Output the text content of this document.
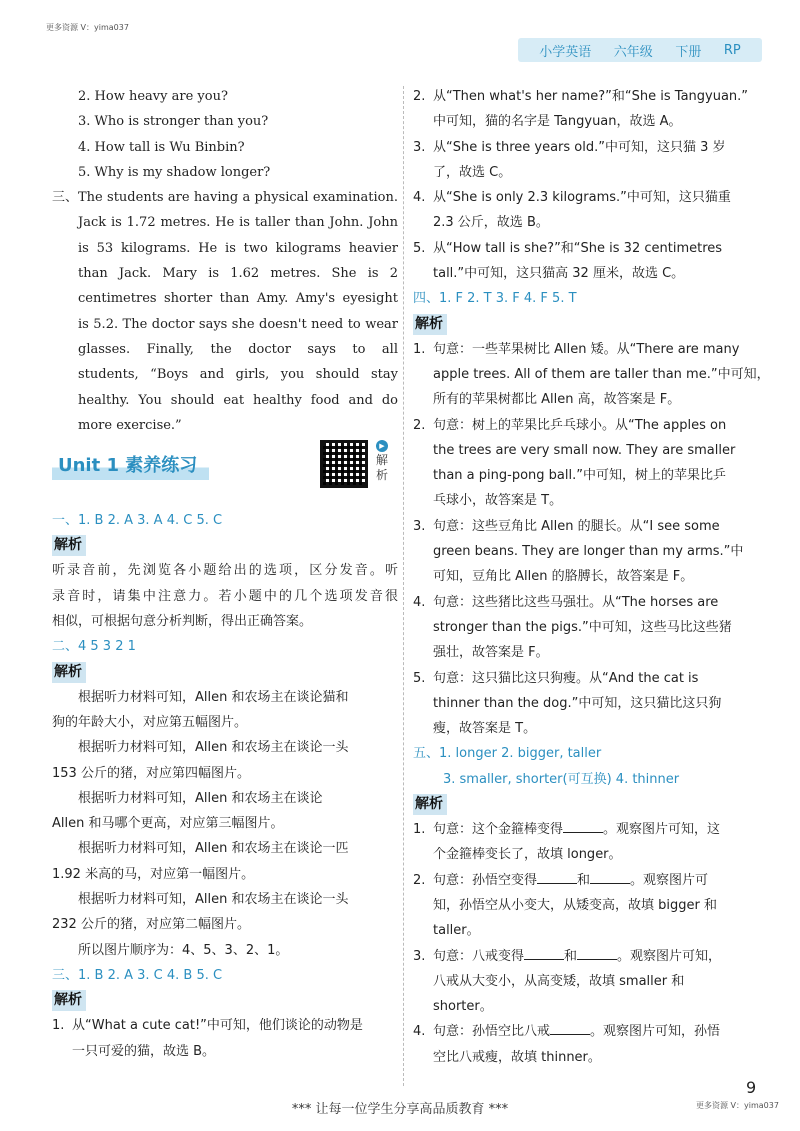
更多资源 V：yima037
小学英语 六年级 下册 RP
2. How heavy are you?
3. Who is stronger than you?
4. How tall is Wu Binbin?
5. Why is my shadow longer?
三、The students are having a physical examination.
Jack is 1.72 metres. He is taller than John. John
is 53 kilograms. He is two kilograms heavier
than Jack. Mary is 1.62 metres. She is 2
centimetres shorter than Amy. Amy's eyesight
is 5.2. The doctor says she doesn't need to wear
glasses. Finally, the doctor says to all
students, “Boys and girls, you should stay
healthy. You should eat healthy food and do
more exercise.”
Unit 1 素养练习
▶
解
析
一、1. B 2. A 3. A 4. C 5. C
解析
听录音前，先浏览各小题给出的选项，区分发音。听
录音时，请集中注意力。若小题中的几个选项发音很
相似，可根据句意分析判断，得出正确答案。
二、4 5 3 2 1
解析
根据听力材料可知，Allen 和农场主在谈论猫和
狗的年龄大小，对应第五幅图片。
根据听力材料可知，Allen 和农场主在谈论一头
153 公斤的猪，对应第四幅图片。
根据听力材料可知，Allen 和农场主在谈论
Allen 和马哪个更高，对应第三幅图片。
根据听力材料可知，Allen 和农场主在谈论一匹
1.92 米高的马，对应第一幅图片。
根据听力材料可知，Allen 和农场主在谈论一头
232 公斤的猪，对应第二幅图片。
所以图片顺序为：4、5、3、2、1。
三、1. B 2. A 3. C 4. B 5. C
解析
1. 从“What a cute cat!”中可知，他们谈论的动物是
一只可爱的猫，故选 B。
2. 从“Then what's her name?”和“She is Tangyuan.”
中可知，猫的名字是 Tangyuan，故选 A。
3. 从“She is three years old.”中可知，这只猫 3 岁
了，故选 C。
4. 从“She is only 2.3 kilograms.”中可知，这只猫重
2.3 公斤，故选 B。
5. 从“How tall is she?”和“She is 32 centimetres
tall.”中可知，这只猫高 32 厘米，故选 C。
四、1. F 2. T 3. F 4. F 5. T
解析
1. 句意：一些苹果树比 Allen 矮。从“There are many
apple trees. All of them are taller than me.”中可知，
所有的苹果树都比 Allen 高，故答案是 F。
2. 句意：树上的苹果比乒乓球小。从“The apples on
the trees are very small now. They are smaller
than a ping-pong ball.”中可知，树上的苹果比乒
乓球小，故答案是 T。
3. 句意：这些豆角比 Allen 的腿长。从“I see some
green beans. They are longer than my arms.”中
可知，豆角比 Allen 的胳膊长，故答案是 F。
4. 句意：这些猪比这些马强壮。从“The horses are
stronger than the pigs.”中可知，这些马比这些猪
强壮，故答案是 F。
5. 句意：这只猫比这只狗瘦。从“And the cat is
thinner than the dog.”中可知，这只猫比这只狗
瘦，故答案是 T。
五、1. longer 2. bigger, taller
3. smaller, shorter(可互换) 4. thinner
解析
1. 句意：这个金箍棒变得	。观察图片可知，这
个金箍棒变长了，故填 longer。
2. 句意：孙悟空变得	和	。观察图片可
知，孙悟空从小变大，从矮变高，故填 bigger 和
taller。
3. 句意：八戒变得	和	。观察图片可知，
八戒从大变小，从高变矮，故填 smaller 和
shorter。
4. 句意：孙悟空比八戒	。观察图片可知，孙悟
空比八戒瘦，故填 thinner。
9
*** 让每一位学生分享高品质教育 ***	更多资源 V：yima037
